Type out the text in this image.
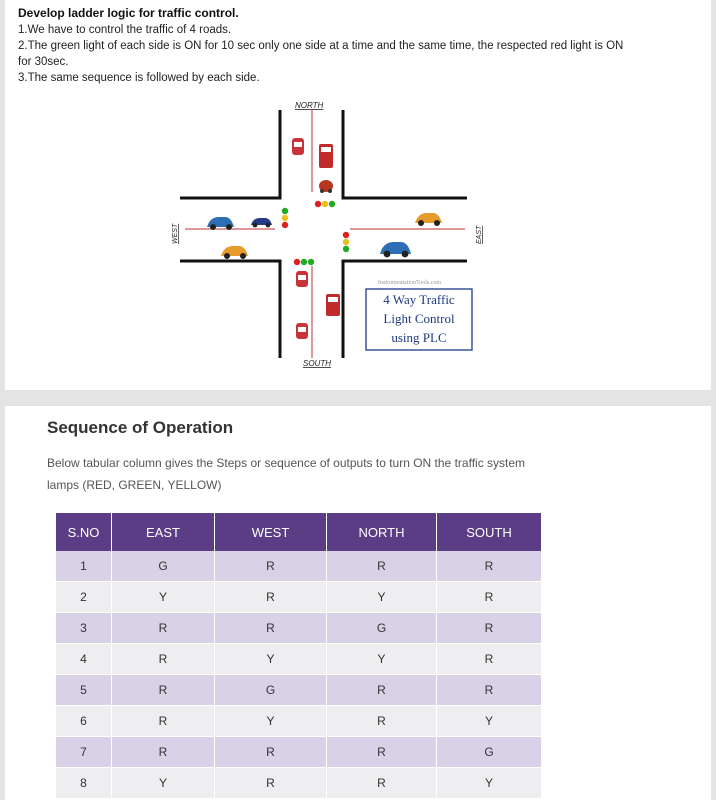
Develop ladder logic for traffic control.
1.We have to control the traffic of 4 roads.
2.The green light of each side is ON for 10 sec only one side at a time and the same time, the respected red light is ON
for 30sec.
3.The same sequence is followed by each side.
NORTH
SOUTH
WEST	EAST
InstrumentationTools.com
4 Way Traffic
Light Control
using PLC
Sequence of Operation
Below tabular column gives the Steps or sequence of outputs to turn ON the traffic system lamps (RED, GREEN, YELLOW)
S.NO	EAST	WEST	NORTH	SOUTH
1	G	R	R	R
2	Y	R	Y	R
3	R	R	G	R
4	R	Y	Y	R
5	R	G	R	R
6	R	Y	R	Y
7	R	R	R	G
8	Y	R	R	Y
